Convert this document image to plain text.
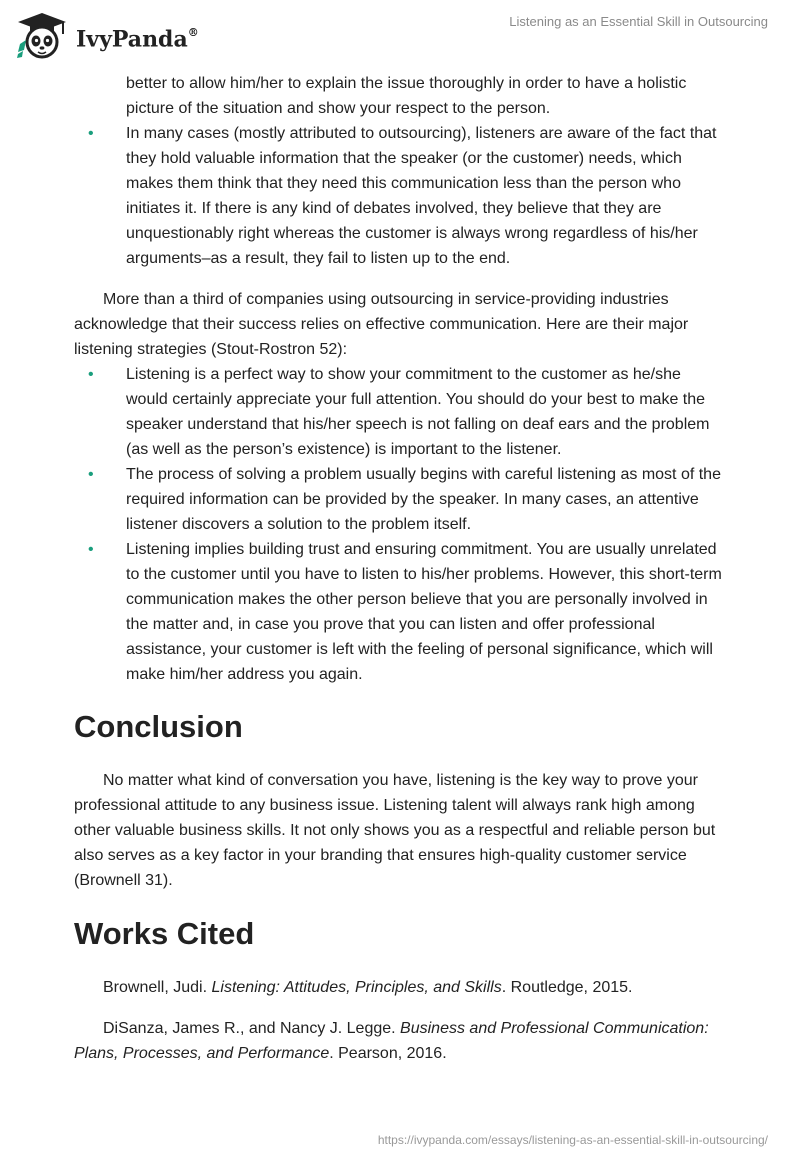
IvyPanda®
Listening as an Essential Skill in Outsourcing
better to allow him/her to explain the issue thoroughly in order to have a holistic picture of the situation and show your respect to the person.
•
In many cases (mostly attributed to outsourcing), listeners are aware of the fact that they hold valuable information that the speaker (or the customer) needs, which makes them think that they need this communication less than the person who initiates it. If there is any kind of debates involved, they believe that they are unquestionably right whereas the customer is always wrong regardless of his/her arguments–as a result, they fail to listen up to the end.

More than a third of companies using outsourcing in service-providing industries acknowledge that their success relies on effective communication. Here are their major listening strategies (Stout-Rostron 52):

•
Listening is a perfect way to show your commitment to the customer as he/she would certainly appreciate your full attention. You should do your best to make the speaker understand that his/her speech is not falling on deaf ears and the problem (as well as the person’s existence) is important to the listener.
•
The process of solving a problem usually begins with careful listening as most of the required information can be provided by the speaker. In many cases, an attentive listener discovers a solution to the problem itself.
•
Listening implies building trust and ensuring commitment. You are usually unrelated to the customer until you have to listen to his/her problems. However, this short-term communication makes the other person believe that you are personally involved in the matter and, in case you prove that you can listen and offer professional assistance, your customer is left with the feeling of personal significance, which will make him/her address you again.
Conclusion

No matter what kind of conversation you have, listening is the key way to prove your professional attitude to any business issue. Listening talent will always rank high among other valuable business skills. It not only shows you as a respectful and reliable person but also serves as a key factor in your branding that ensures high-quality customer service (Brownell 31).

Works Cited

Brownell, Judi. Listening: Attitudes, Principles, and Skills. Routledge, 2015.

DiSanza, James R., and Nancy J. Legge. Business and Professional Communication: Plans, Processes, and Performance. Pearson, 2016.

https://ivypanda.com/essays/listening-as-an-essential-skill-in-outsourcing/
